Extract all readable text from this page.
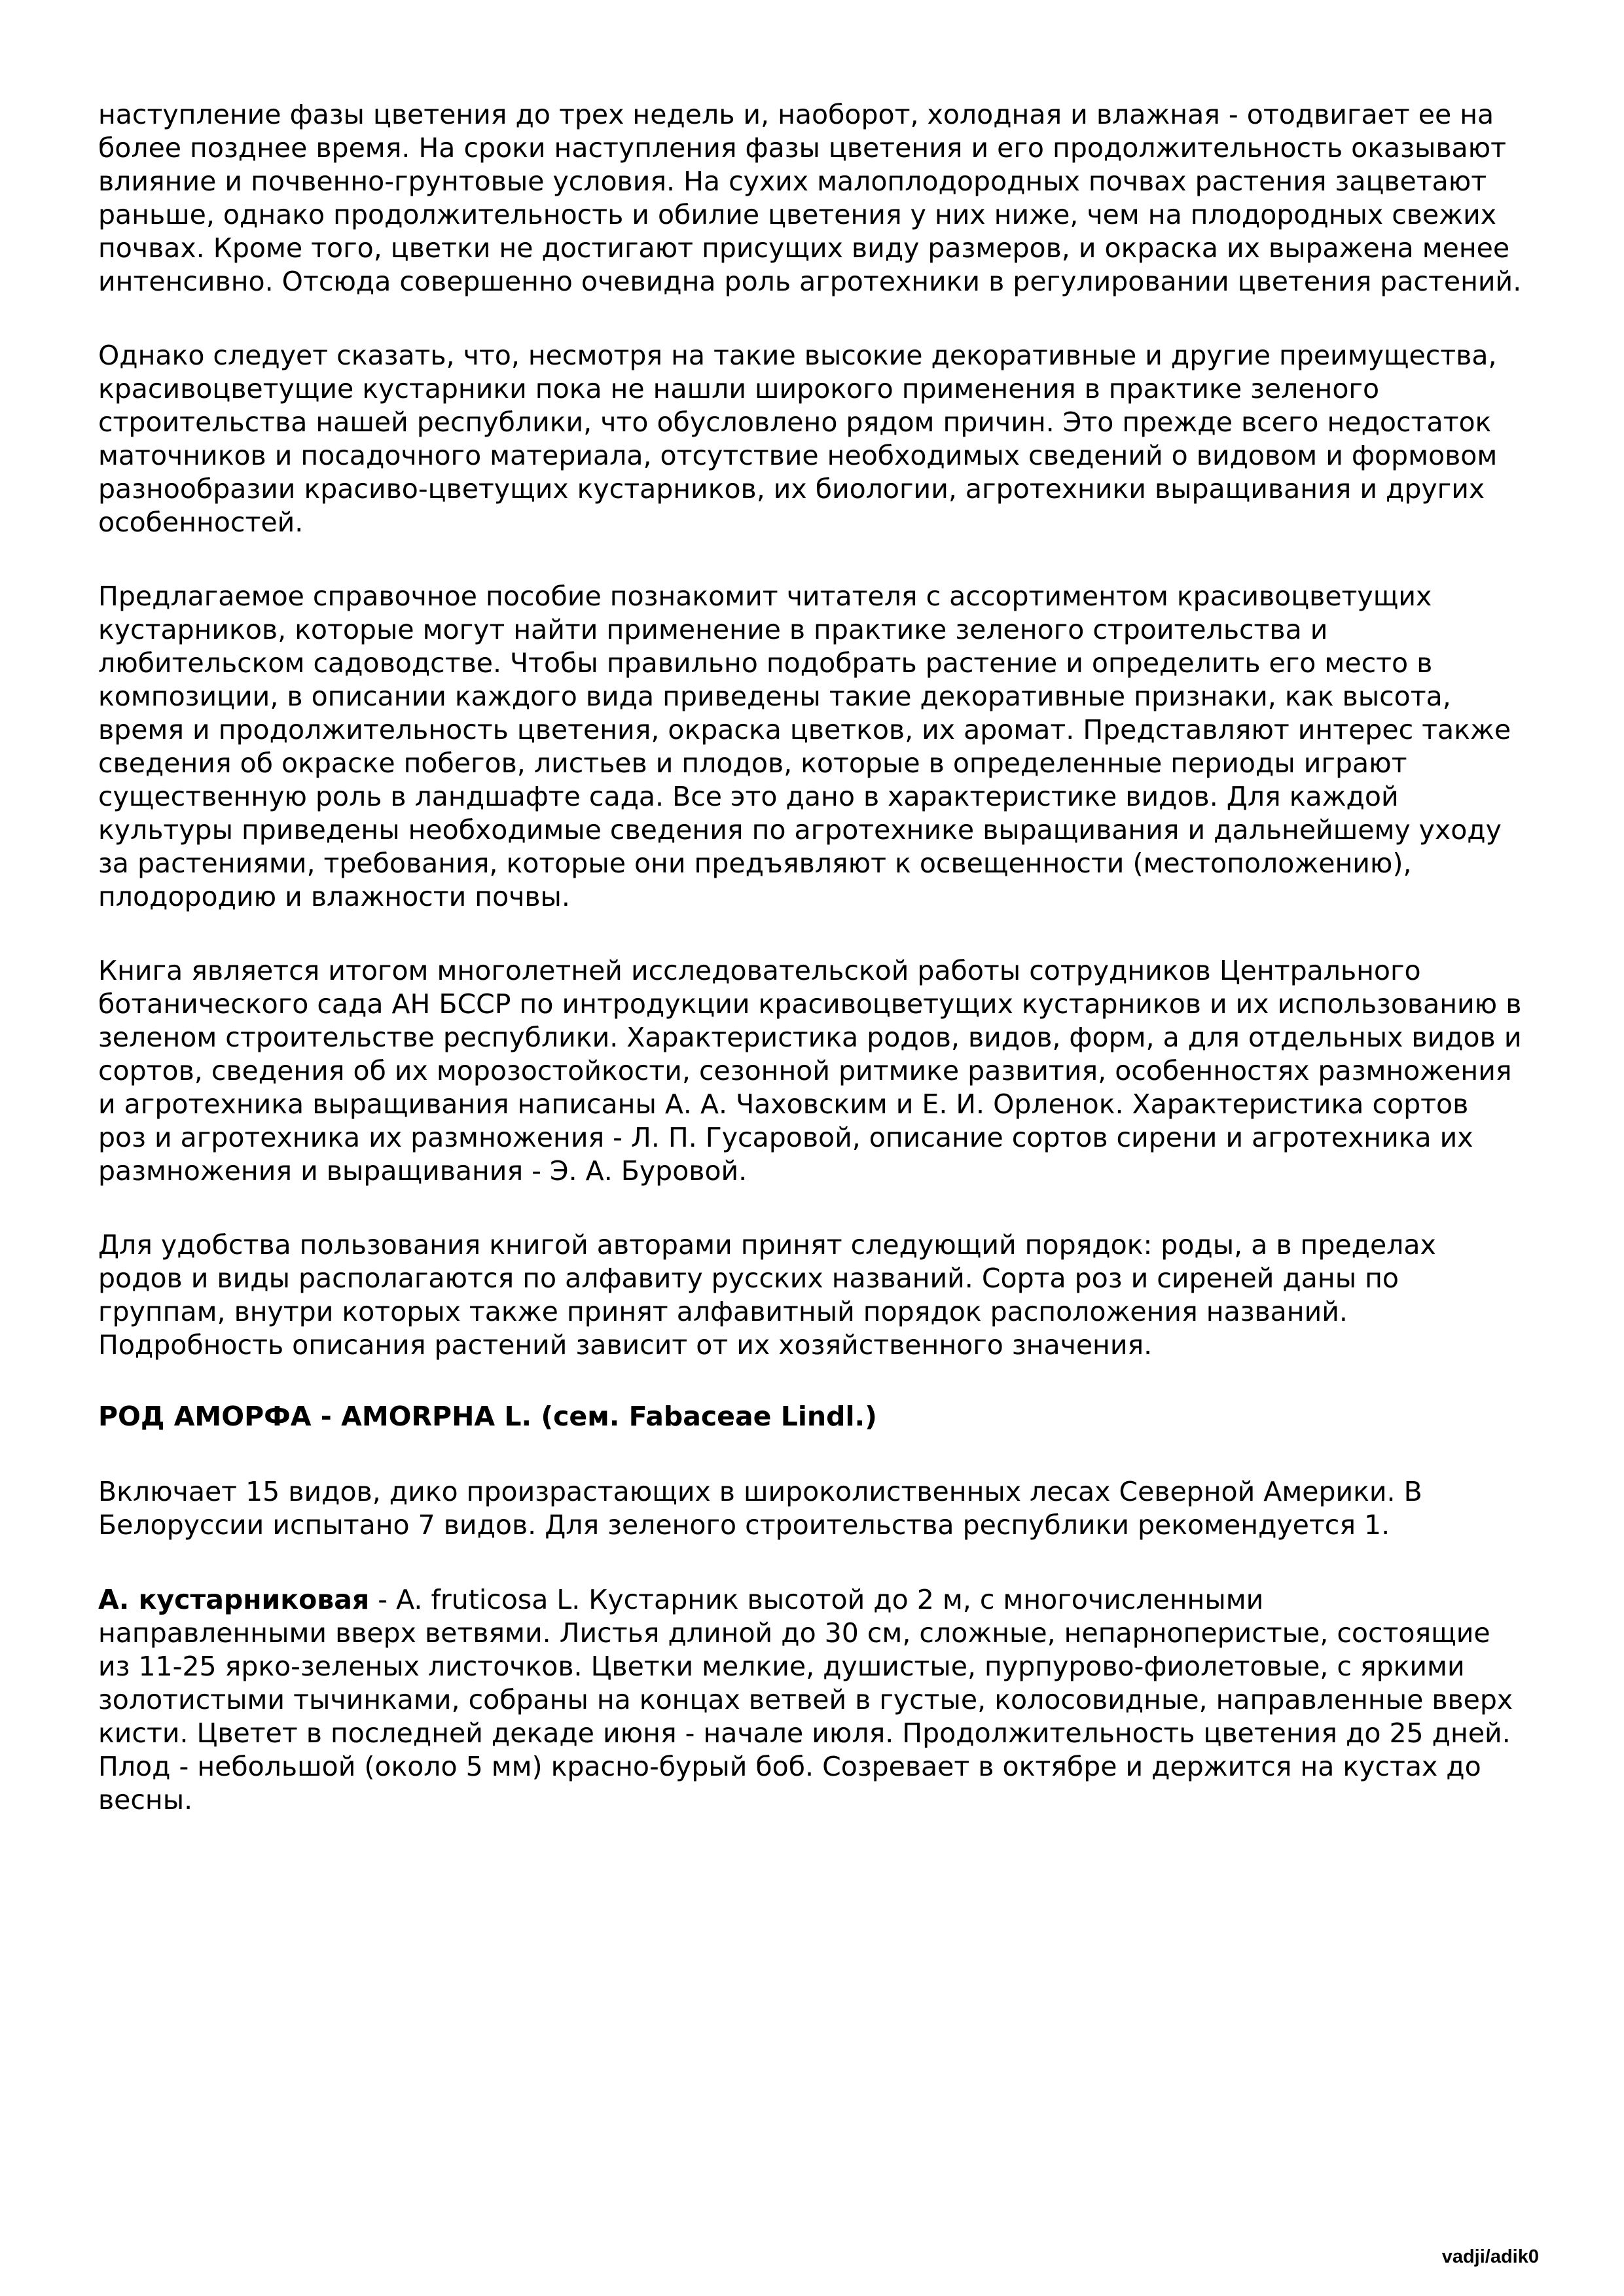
наступление фазы цветения до трех недель и, наоборот, холодная и влажная - отодвигает ее на
более позднее время. На сроки наступления фазы цветения и его продолжительность оказывают
влияние и почвенно-грунтовые условия. На сухих малоплодородных почвах растения зацветают
раньше, однако продолжительность и обилие цветения у них ниже, чем на плодородных свежих
почвах. Кроме того, цветки не достигают присущих виду размеров, и окраска их выражена менее
интенсивно. Отсюда совершенно очевидна роль агротехники в регулировании цветения растений.

Однако следует сказать, что, несмотря на такие высокие декоративные и другие преимущества,
красивоцветущие кустарники пока не нашли широкого применения в практике зеленого
строительства нашей республики, что обусловлено рядом причин. Это прежде всего недостаток
маточников и посадочного материала, отсутствие необходимых сведений о видовом и формовом
разнообразии красиво-цветущих кустарников, их биологии, агротехники выращивания и других
особенностей.

Предлагаемое справочное пособие познакомит читателя с ассортиментом красивоцветущих
кустарников, которые могут найти применение в практике зеленого строительства и
любительском садоводстве. Чтобы правильно подобрать растение и определить его место в
композиции, в описании каждого вида приведены такие декоративные признаки, как высота,
время и продолжительность цветения, окраска цветков, их аромат. Представляют интерес также
сведения об окраске побегов, листьев и плодов, которые в определенные периоды играют
существенную роль в ландшафте сада. Все это дано в характеристике видов. Для каждой
культуры приведены необходимые сведения по агротехнике выращивания и дальнейшему уходу
за растениями, требования, которые они предъявляют к освещенности (местоположению),
плодородию и влажности почвы.

Книга является итогом многолетней исследовательской работы сотрудников Центрального
ботанического сада АН БССР по интродукции красивоцветущих кустарников и их использованию в
зеленом строительстве республики. Характеристика родов, видов, форм, а для отдельных видов и
сортов, сведения об их морозостойкости, сезонной ритмике развития, особенностях размножения
и агротехника выращивания написаны А. А. Чаховским и Е. И. Орленок. Характеристика сортов
роз и агротехника их размножения - Л. П. Гусаровой, описание сортов сирени и агротехника их
размножения и выращивания - Э. А. Буровой.

Для удобства пользования книгой авторами принят следующий порядок: роды, а в пределах
родов и виды располагаются по алфавиту русских названий. Сорта роз и сиреней даны по
группам, внутри которых также принят алфавитный порядок расположения названий.
Подробность описания растений зависит от их хозяйственного значения.

РОД АМОРФА - AMORPHA L. (сем. Fabaceae Lindl.)

Включает 15 видов, дико произрастающих в широколиственных лесах Северной Америки. В
Белоруссии испытано 7 видов. Для зеленого строительства республики рекомендуется 1.

А. кустарниковая - A. fruticosa L. Кустарник высотой до 2 м, с многочисленными
направленными вверх ветвями. Листья длиной до 30 см, сложные, непарноперистые, состоящие
из 11-25 ярко-зеленых листочков. Цветки мелкие, душистые, пурпурово-фиолетовые, с яркими
золотистыми тычинками, собраны на концах ветвей в густые, колосовидные, направленные вверх
кисти. Цветет в последней декаде июня - начале июля. Продолжительность цветения до 25 дней.
Плод - небольшой (около 5 мм) красно-бурый боб. Созревает в октябре и держится на кустах до
весны.

vadji/adik0
